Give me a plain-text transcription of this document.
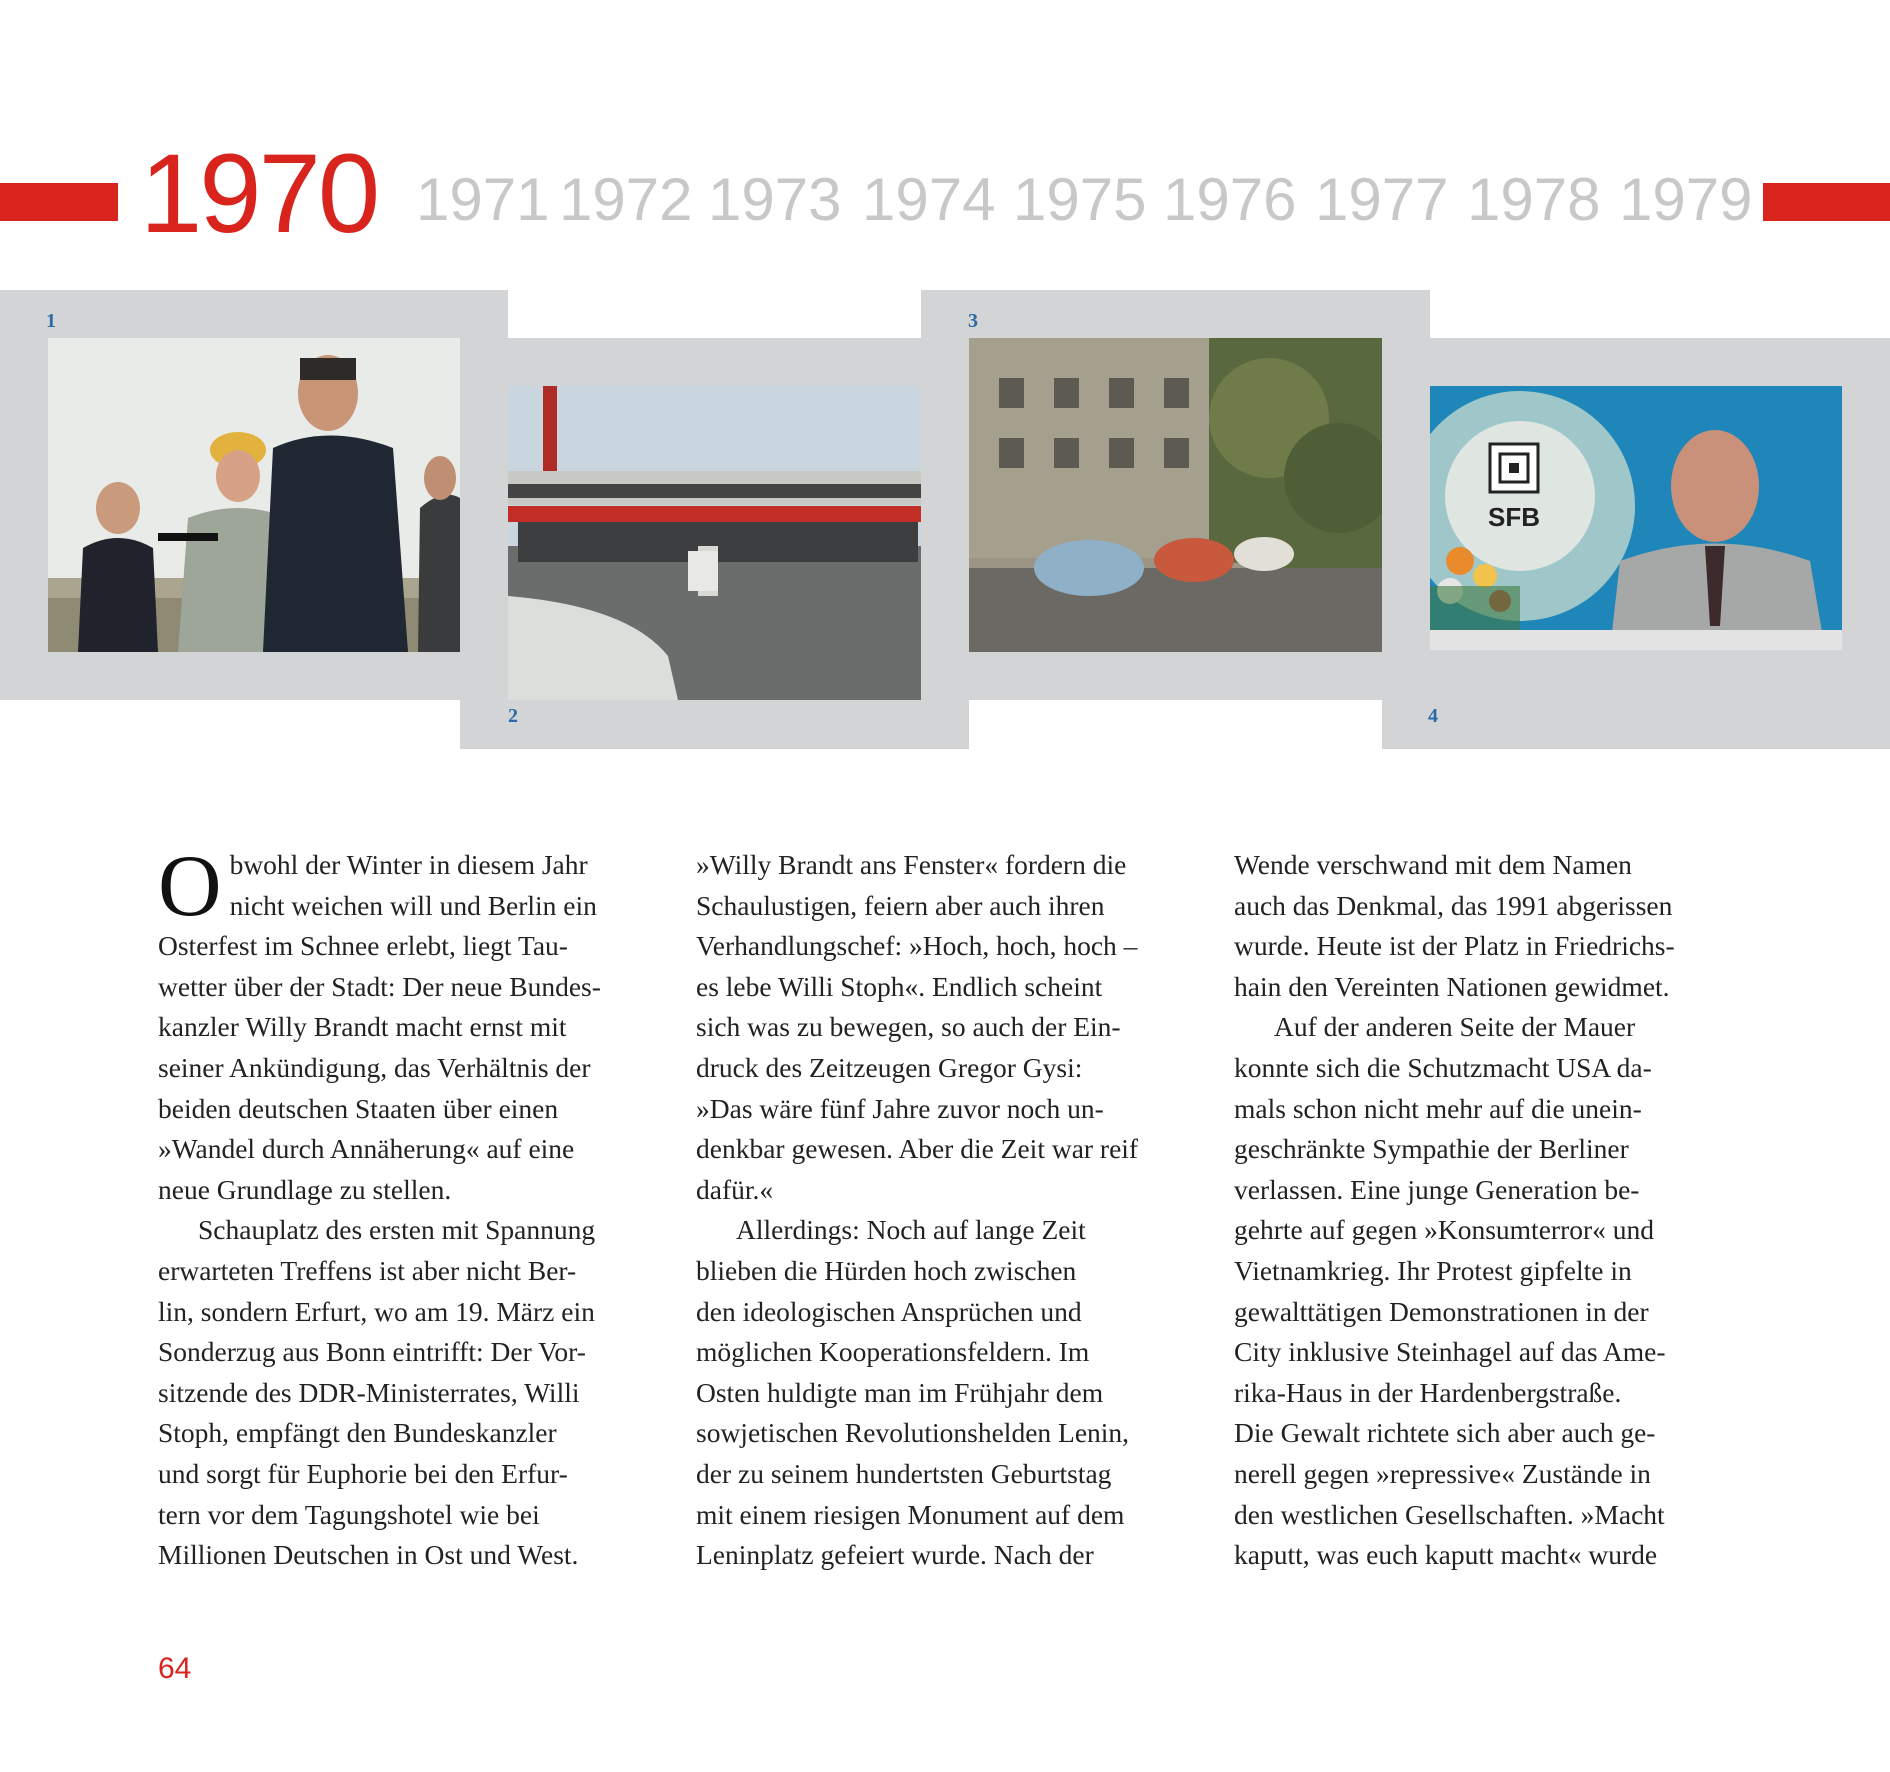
1970 1971 1972 1973 1974 1975 1976 1977 1978 1979
SFB
1
2
3
4

O bwohl der Winter in diesem Jahr
nicht weichen will und Berlin ein
Osterfest im Schnee erlebt, liegt Tau-
wetter über der Stadt: Der neue Bundes-
kanzler Willy Brandt macht ernst mit
seiner Ankündigung, das Verhältnis der
beiden deutschen Staaten über einen
»Wandel durch Annäherung« auf eine
neue Grundlage zu stellen.

Schauplatz des ersten mit Spannung
erwarteten Treffens ist aber nicht Ber-
lin, sondern Erfurt, wo am 19. März ein
Sonderzug aus Bonn eintrifft: Der Vor-
sitzende des DDR-Ministerrates, Willi
Stoph, empfängt den Bundeskanzler
und sorgt für Euphorie bei den Erfur-
tern vor dem Tagungshotel wie bei
Millionen Deutschen in Ost und West.

»Willy Brandt ans Fenster« fordern die
Schaulustigen, feiern aber auch ihren
Verhandlungschef: »Hoch, hoch, hoch –
es lebe Willi Stoph«. Endlich scheint
sich was zu bewegen, so auch der Ein-
druck des Zeitzeugen Gregor Gysi:
»Das wäre fünf Jahre zuvor noch un-
denkbar gewesen. Aber die Zeit war reif
dafür.«

Allerdings: Noch auf lange Zeit
blieben die Hürden hoch zwischen
den ideologischen Ansprüchen und
möglichen Kooperationsfeldern. Im
Osten huldigte man im Frühjahr dem
sowjetischen Revolutionshelden Lenin,
der zu seinem hundertsten Geburtstag
mit einem riesigen Monument auf dem
Leninplatz gefeiert wurde. Nach der

Wende verschwand mit dem Namen
auch das Denkmal, das 1991 abgerissen
wurde. Heute ist der Platz in Friedrichs-
hain den Vereinten Nationen gewidmet.

Auf der anderen Seite der Mauer
konnte sich die Schutzmacht USA da-
mals schon nicht mehr auf die unein-
geschränkte Sympathie der Berliner
verlassen. Eine junge Generation be-
gehrte auf gegen »Konsumterror« und
Vietnamkrieg. Ihr Protest gipfelte in
gewalttätigen Demonstrationen in der
City inklusive Steinhagel auf das Ame-
rika-Haus in der Hardenbergstraße.
Die Gewalt richtete sich aber auch ge-
nerell gegen »repressive« Zustände in
den westlichen Gesellschaften. »Macht
kaputt, was euch kaputt macht« wurde

64
